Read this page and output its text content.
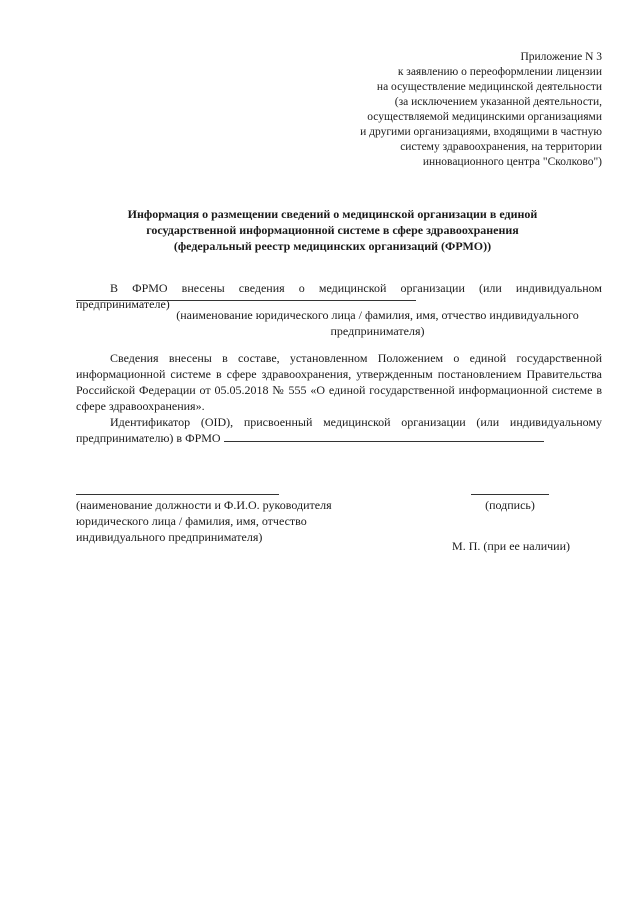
Приложение N 3
к заявлению о переоформлении лицензии
на осуществление медицинской деятельности
(за исключением указанной деятельности,
осуществляемой медицинскими организациями
и другими организациями, входящими в частную
систему здравоохранения, на территории
инновационного центра "Сколково")
Информация о размещении сведений о медицинской организации в единой
государственной информационной системе в сфере здравоохранения
(федеральный реестр медицинских организаций (ФРМО))
В ФРМО внесены сведения о медицинской организации (или индивидуальном предпринимателе)
(наименование юридического лица / фамилия, имя, отчество индивидуального предпринимателя)
Сведения внесены в составе, установленном Положением о единой государственной информационной системе в сфере здравоохранения, утвержденным постановлением Правительства Российской Федерации от 05.05.2018 № 555 «О единой государственной информационной системе в сфере здравоохранения».
Идентификатор (OID), присвоенный медицинской организации (или индивидуальному предпринимателю) в ФРМО
(наименование должности и Ф.И.О. руководителя
юридического лица / фамилия, имя, отчество
индивидуального предпринимателя)
(подпись)
М. П. (при ее наличии)
